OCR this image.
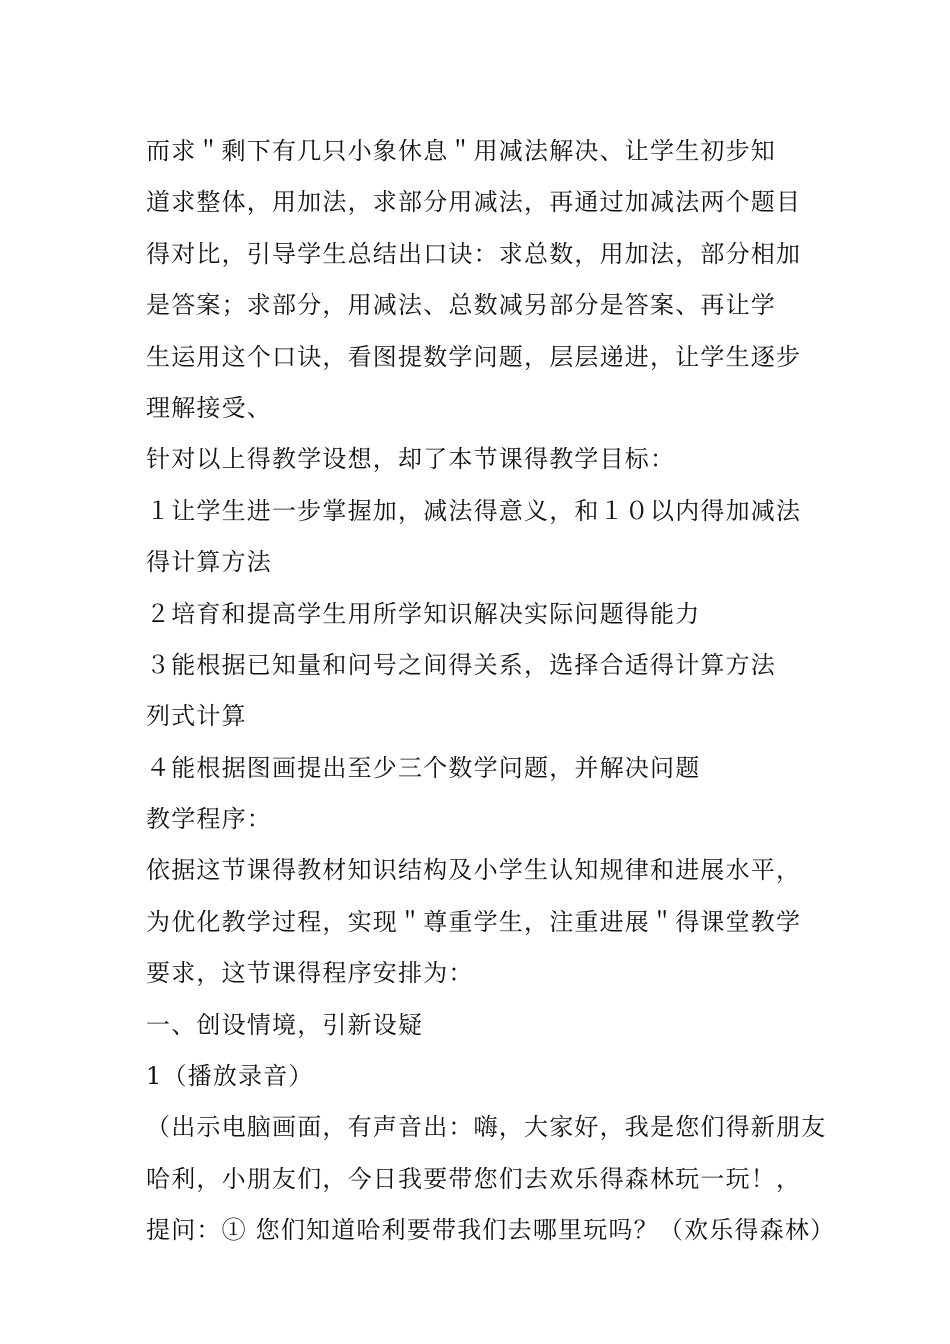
而求＂剩下有几只小象休息＂用减法解决、让学生初步知
道求整体，用加法，求部分用减法，再通过加减法两个题目
得对比，引导学生总结出口诀：求总数，用加法，部分相加
是答案；求部分，用减法、总数减另部分是答案、再让学
生运用这个口诀，看图提数学问题，层层递进，让学生逐步
理解接受、
针对以上得教学设想，却了本节课得教学目标：
１让学生进一步掌握加，减法得意义，和１０以内得加减法
得计算方法
２培育和提高学生用所学知识解决实际问题得能力
３能根据已知量和问号之间得关系，选择合适得计算方法
列式计算
４能根据图画提出至少三个数学问题，并解决问题
教学程序：
依据这节课得教材知识结构及小学生认知规律和进展水平，
为优化教学过程，实现＂尊重学生，注重进展＂得课堂教学
要求，这节课得程序安排为：
一、创设情境，引新设疑
1（播放录音）
（出示电脑画面，有声音出：嗨，大家好，我是您们得新朋友
哈利，小朋友们，今日我要带您们去欢乐得森林玩一玩！，
提问：① 您们知道哈利要带我们去哪里玩吗？（欢乐得森林）
